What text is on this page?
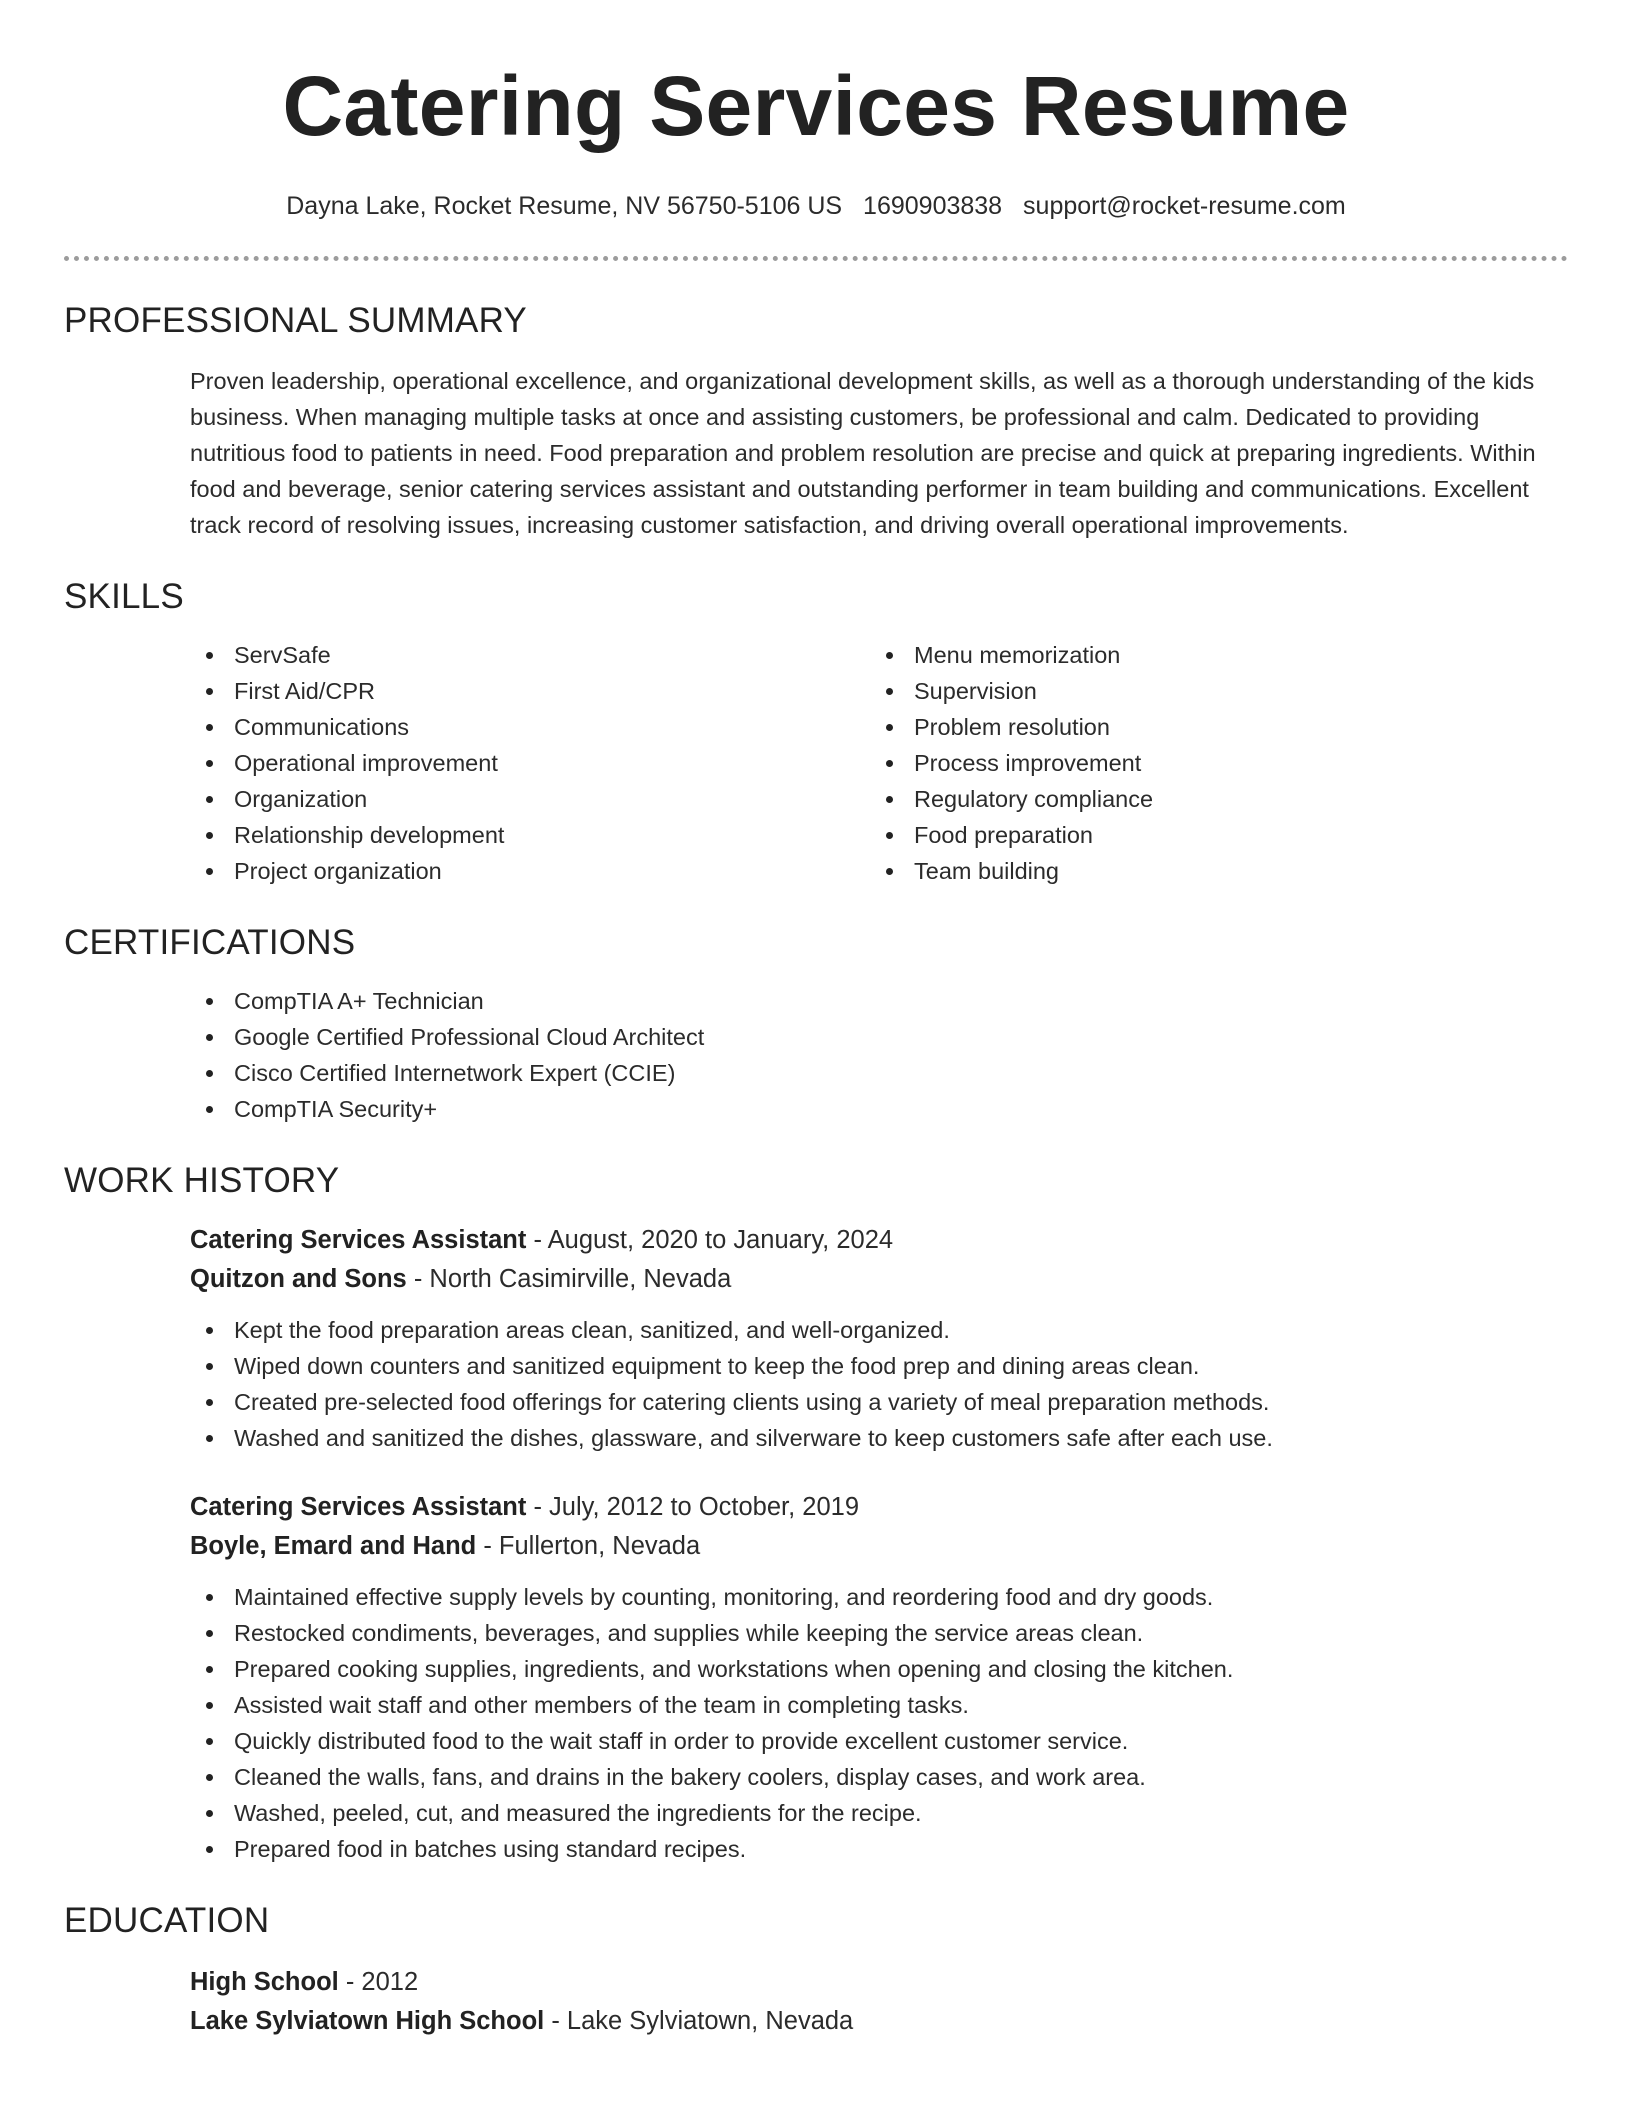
Catering Services Resume
Dayna Lake, Rocket Resume, NV 56750-5106 US 1690903838 support@rocket-resume.com
PROFESSIONAL SUMMARY

Proven leadership, operational excellence, and organizational development skills, as well as a thorough understanding of the kids business. When managing multiple tasks at once and assisting customers, be professional and calm. Dedicated to providing nutritious food to patients in need. Food preparation and problem resolution are precise and quick at preparing ingredients. Within food and beverage, senior catering services assistant and outstanding performer in team building and communications. Excellent track record of resolving issues, increasing customer satisfaction, and driving overall operational improvements.

SKILLS
ServSafe
First Aid/CPR
Communications
Operational improvement
Organization
Relationship development
Project organization
Menu memorization
Supervision
Problem resolution
Process improvement
Regulatory compliance
Food preparation
Team building
CERTIFICATIONS
CompTIA A+ Technician
Google Certified Professional Cloud Architect
Cisco Certified Internetwork Expert (CCIE)
CompTIA Security+
WORK HISTORY
Catering Services Assistant - August, 2020 to January, 2024
Quitzon and Sons - North Casimirville, Nevada
Kept the food preparation areas clean, sanitized, and well-organized.
Wiped down counters and sanitized equipment to keep the food prep and dining areas clean.
Created pre-selected food offerings for catering clients using a variety of meal preparation methods.
Washed and sanitized the dishes, glassware, and silverware to keep customers safe after each use.
Catering Services Assistant - July, 2012 to October, 2019
Boyle, Emard and Hand - Fullerton, Nevada
Maintained effective supply levels by counting, monitoring, and reordering food and dry goods.
Restocked condiments, beverages, and supplies while keeping the service areas clean.
Prepared cooking supplies, ingredients, and workstations when opening and closing the kitchen.
Assisted wait staff and other members of the team in completing tasks.
Quickly distributed food to the wait staff in order to provide excellent customer service.
Cleaned the walls, fans, and drains in the bakery coolers, display cases, and work area.
Washed, peeled, cut, and measured the ingredients for the recipe.
Prepared food in batches using standard recipes.
EDUCATION
High School - 2012
Lake Sylviatown High School - Lake Sylviatown, Nevada
